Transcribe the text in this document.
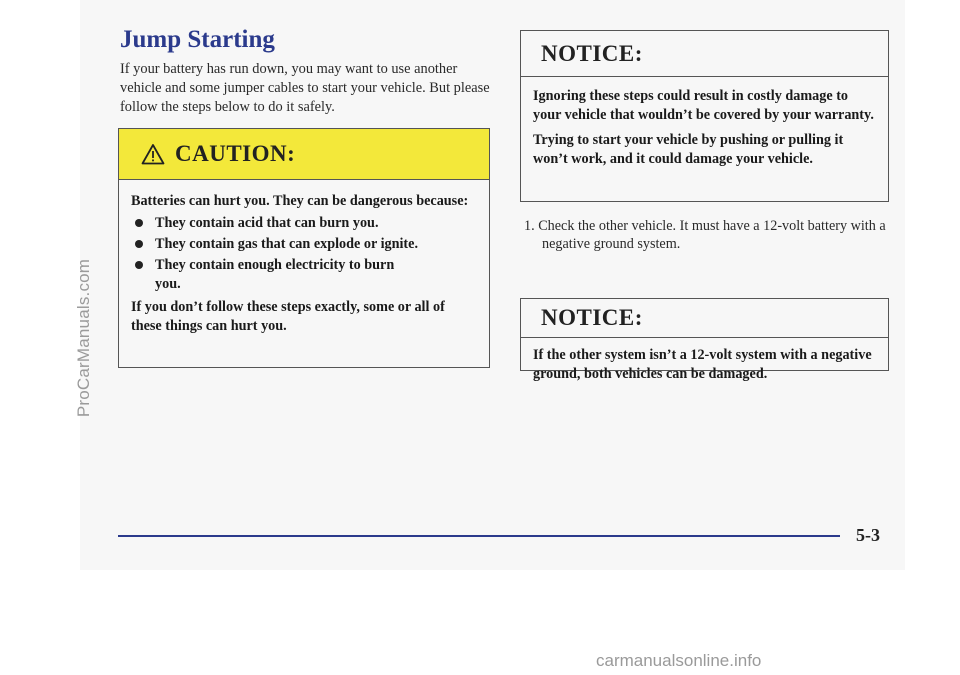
ProCarManuals.com
Jump Starting

If your battery has run down, you may want to use another vehicle and some jumper cables to start your vehicle. But please follow the steps below to do it safely.

CAUTION:

Batteries can hurt you. They can be dangerous because:

They contain acid that can burn you.
They contain gas that can explode or ignite.
They contain enough electricity to burn you.

If you don’t follow these steps exactly, some or all of these things can hurt you.

NOTICE:

Ignoring these steps could result in costly damage to your vehicle that wouldn’t be covered by your warranty.

Trying to start your vehicle by pushing or pulling it won’t work, and it could damage your vehicle.

1. Check the other vehicle. It must have a 12-volt battery with a negative ground system.

NOTICE:

If the other system isn’t a 12-volt system with a negative ground, both vehicles can be damaged.

5-3
carmanualsonline.info
